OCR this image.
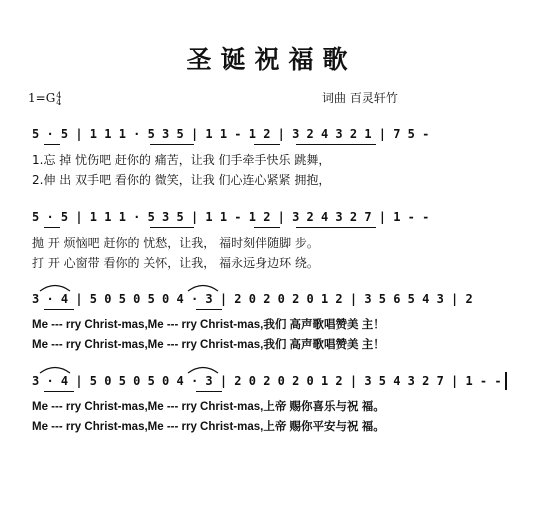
圣诞祝福歌
1=G4
4	词曲 百灵轩竹
5 · 5 | 1 1 1 · 5 3 5 | 1 1 - 1 2 | 3 2 4 3 2 1 | 7 5 -
1.忘 掉 忧伤吧 赶你的 痛苦，让我 们手牵手快乐 跳舞，
2.伸 出 双手吧 看你的 微笑，让我 们心连心紧紧 拥抱，
5 · 5 | 1 1 1 · 5 3 5 | 1 1 - 1 2 | 3 2 4 3 2 7 | 1 - -
抛 开 烦恼吧 赶你的 忧愁，让我， 福时刻伴随脚 步。
打 开 心窗带 看你的 关怀，让我， 福永远身边环 绕。
3 · 4 | 5 0 5 0 5 0 4 · 3 | 2 0 2 0 2 0 1 2 | 3 5 6 5 4 3 | 2
Me --- rry Christ-mas,Me --- rry Christ-mas,我们 高声歌唱赞美 主！
Me --- rry Christ-mas,Me --- rry Christ-mas,我们 高声歌唱赞美 主！
3 · 4 | 5 0 5 0 5 0 4 · 3 | 2 0 2 0 2 0 1 2 | 3 5 4 3 2 7 | 1 - -
Me --- rry Christ-mas,Me --- rry Christ-mas,上帝 赐你喜乐与祝 福。
Me --- rry Christ-mas,Me --- rry Christ-mas,上帝 赐你平安与祝 福。
